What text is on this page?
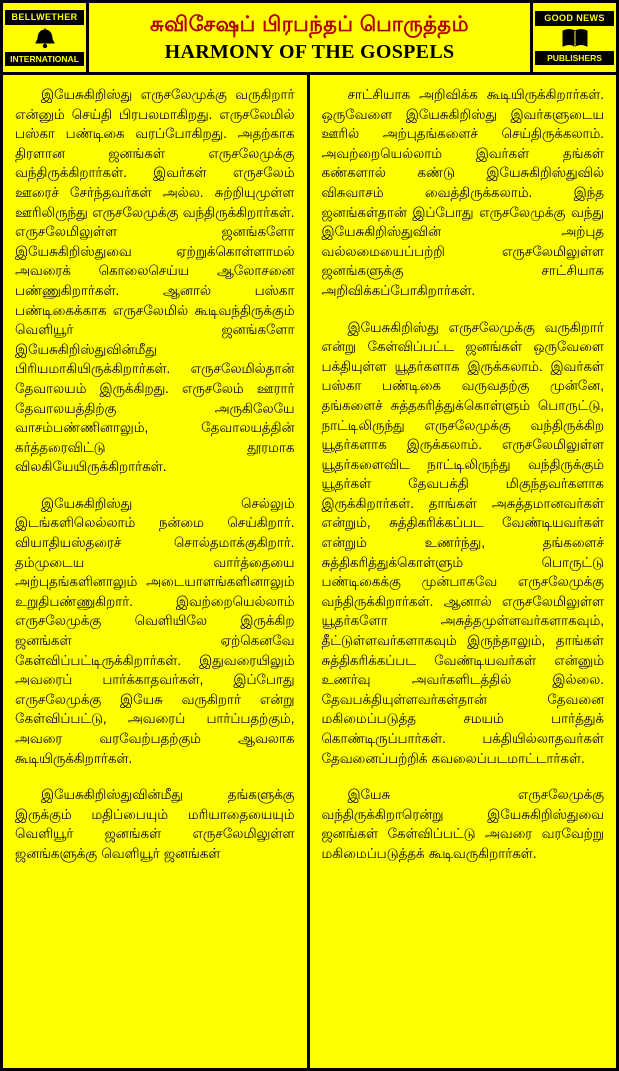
BELLWETHER
INTERNATIONAL
சுவிசேஷப் பிரபந்தப் பொருத்தம்
HARMONY OF THE GOSPELS
GOOD NEWS
PUBLISHERS

இயேசுகிறிஸ்து எருசலேமுக்கு வருகிறார் என்னும் செய்தி பிரபலமாகிறது. எருசலேமில் பஸ்கா பண்டிகை வரப்போகிறது. அதற்காக திரளான ஜனங்கள் எருசலேமுக்கு வந்திருக்கிறார்கள். இவர்கள் எருசலேம் ஊரைச் சேர்ந்தவர்கள் அல்ல. சுற்றியுமுள்ள ஊரிலிருந்து எருசலேமுக்கு வந்திருக்கிறார்கள். எருசலேமிலுள்ள ஜனங்களோ இயேசுகிறிஸ்துவை ஏற்றுக்கொள்ளாமல் அவரைக் கொலைசெய்ய ஆலோசனை பண்ணுகிறார்கள். ஆனால் பஸ்கா பண்டிகைக்காக எருசலேமில் கூடிவந்திருக்கும் வெளியூர் ஜனங்களோ இயேசுகிறிஸ்துவின்மீது பிரியமாகியிருக்கிறார்கள். எருசலேமில்தான் தேவாலயம் இருக்கிறது. எருசலேம் ஊரார் தேவாலயத்திற்கு அருகிலேயே வாசம்பண்ணினாலும், தேவாலயத்தின் கர்த்தரைவிட்டு தூரமாக விலகியேயிருக்கிறார்கள்.

இயேசுகிறிஸ்து செல்லும் இடங்களிலெல்லாம் நன்மை செய்கிறார். வியாதியஸ்தரைச் சொல்தமாக்குகிறார். தம்முடைய வார்த்தையை அற்புதங்களினாலும் அடையாளங்களினாலும் உறுதிபண்ணுகிறார். இவற்றையெல்லாம் எருசலேமுக்கு வெளியிலே இருக்கிற ஜனங்கள் ஏற்கெனவே கேள்விப்பட்டிருக்கிறார்கள். இதுவரையிலும் அவரைப் பார்க்காதவர்கள், இப்போது எருசலேமுக்கு இயேசு வருகிறார் என்று கேள்விப்பட்டு, அவரைப் பார்ப்பதற்கும், அவரை வரவேற்பதற்கும் ஆவலாக கூடியிருக்கிறார்கள்.

இயேசுகிறிஸ்துவின்மீது தங்களுக்கு இருக்கும் மதிப்பையும் மரியாதையையும் வெளியூர் ஜனங்கள் எருசலேமிலுள்ள ஜனங்களுக்கு வெளியூர் ஜனங்கள்

சாட்சியாக அறிவிக்க கூடியிருக்கிறார்கள். ஒருவேளை இயேசுகிறிஸ்து இவர்களுடைய ஊரில் அற்புதங்களைச் செய்திருக்கலாம். அவற்றையெல்லாம் இவர்கள் தங்கள் கண்களால் கண்டு இயேசுகிறிஸ்துவில் விசுவாசம் வைத்திருக்கலாம். இந்த ஜனங்கள்தான் இப்போது எருசலேமுக்கு வந்து இயேசுகிறிஸ்துவின் அற்புத வல்லமையைப்பற்றி எருசலேமிலுள்ள ஜனங்களுக்கு சாட்சியாக அறிவிக்கப்போகிறார்கள்.

இயேசுகிறிஸ்து எருசலேமுக்கு வருகிறார் என்று கேள்விப்பட்ட ஜனங்கள் ஒருவேளை பக்தியுள்ள யூதர்களாக இருக்கலாம். இவர்கள் பஸ்கா பண்டிகை வருவதற்கு முன்னே, தங்களைச் சுத்தகரித்துக்கொள்ளும் பொருட்டு, நாட்டிலிருந்து எருசலேமுக்கு வந்திருக்கிற யூதர்களாக இருக்கலாம். எருசலேமிலுள்ள யூதர்களைவிட நாட்டிலிருந்து வந்திருக்கும் யூதர்கள் தேவபக்தி மிகுந்தவர்களாக இருக்கிறார்கள். தாங்கள் அசுத்தமானவர்கள் என்றும், சுத்திகரிக்கப்பட வேண்டியவர்கள் என்றும் உணர்ந்து, தங்களைச் சுத்திகரித்துக்கொள்ளும் பொருட்டு பண்டிகைக்கு முன்பாகவே எருசலேமுக்கு வந்திருக்கிறார்கள். ஆனால் எருசலேமிலுள்ள யூதர்களோ அசுத்தமுள்ளவர்களாகவும், தீட்டுள்ளவர்களாகவும் இருந்தாலும், தாங்கள் சுத்திகரிக்கப்பட வேண்டியவர்கள் என்னும் உணர்வு அவர்களிடத்தில் இல்லை. தேவபக்தியுள்ளவர்கள்தான் தேவனை மகிமைப்படுத்த சமயம் பார்த்துக் கொண்டிருப்பார்கள். பக்தியில்லாதவர்கள் தேவனைப்பற்றிக் கவலைப்படமாட்டார்கள்.

இயேசு எருசலேமுக்கு வந்திருக்கிறாரென்று இயேசுகிறிஸ்துவை ஜனங்கள் கேள்விப்பட்டு அவரை வரவேற்று மகிமைப்படுத்தக் கூடிவருகிறார்கள்.
